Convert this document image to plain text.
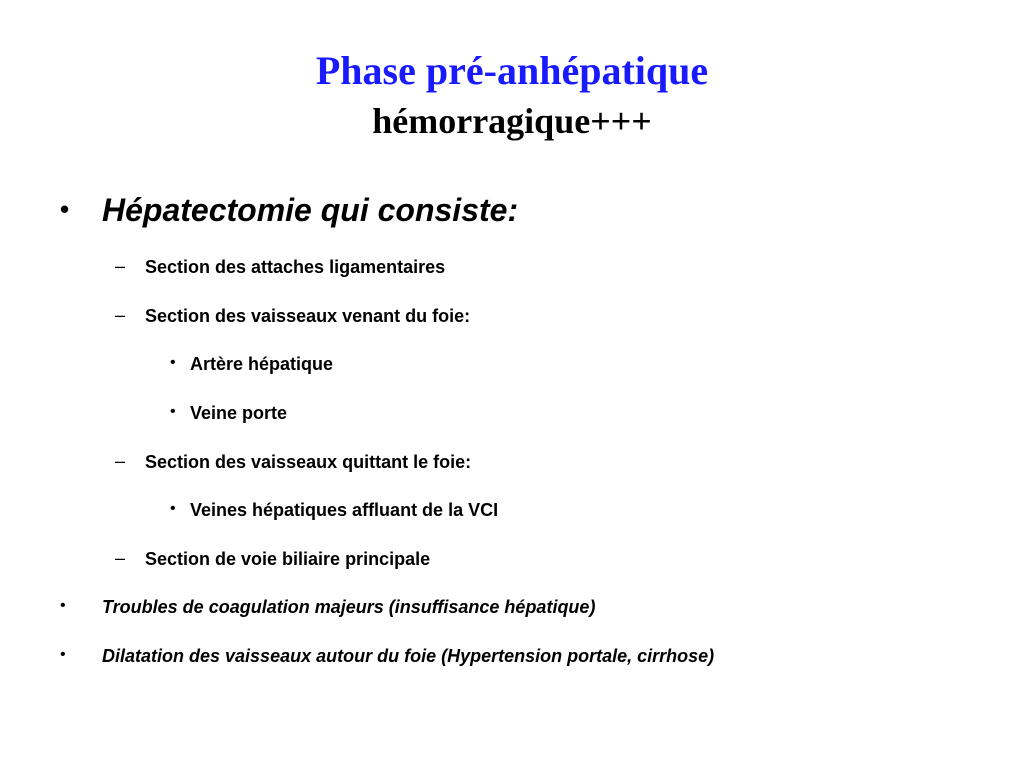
Phase pré-anhépatique
hémorragique+++
• Hépatectomie qui consiste:
– Section des attaches ligamentaires
– Section des vaisseaux venant du foie:
• Artère hépatique
• Veine porte
– Section des vaisseaux quittant le foie:
• Veines hépatiques affluant de la VCI
– Section de voie biliaire principale
• Troubles de coagulation majeurs (insuffisance hépatique)
• Dilatation des vaisseaux autour du foie (Hypertension portale, cirrhose)
